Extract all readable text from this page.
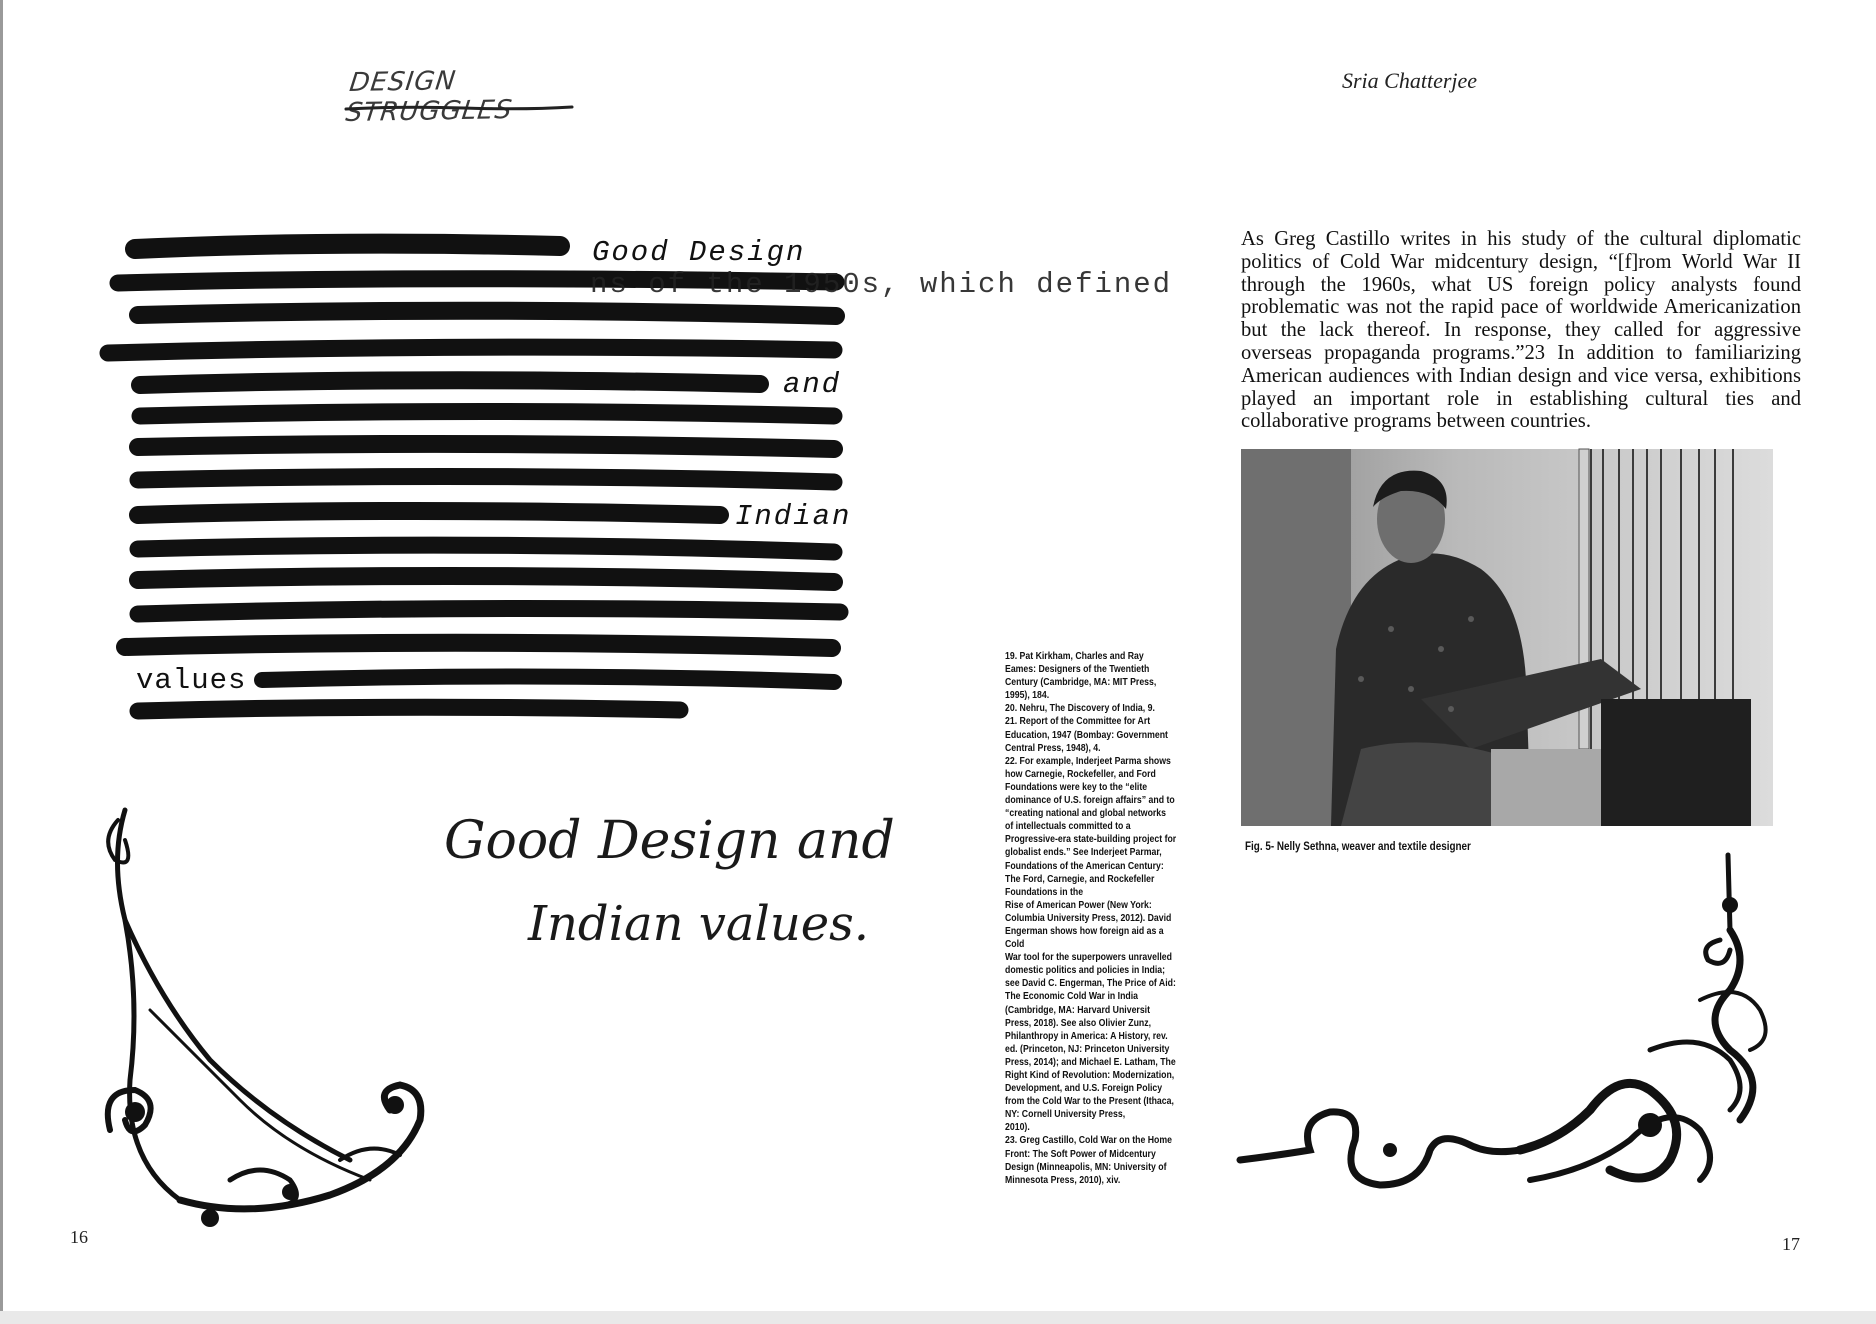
DESIGN STRUGGLES
ns of the 1950s, which defined
Good Design
and
Indian
values
Good Design and
Indian values.
16
19. Pat Kirkham, Charles and Ray Eames: Designers of the Twentieth Century (Cambridge, MA: MIT Press, 1995), 184.
20. Nehru, The Discovery of India, 9.
21. Report of the Committee for Art Education, 1947 (Bombay: Government Central Press, 1948), 4.
22. For example, Inderjeet Parma shows how Carnegie, Rockefeller, and Ford Foundations were key to the “elite dominance of U.S. foreign affairs” and to “creating national and global networks of intellectuals committed to a
Progressive-era state-building project for globalist ends.” See Inderjeet Parmar, Foundations of the American Century: The Ford, Carnegie, and Rockefeller Foundations in the
Rise of American Power (New York: Columbia University Press, 2012). David Engerman shows how foreign aid as a Cold
War tool for the superpowers unravelled domestic politics and policies in India; see David C. Engerman, The Price of Aid: The Economic Cold War in India (Cambridge, MA: Harvard Universit Press, 2018). See also Olivier Zunz, Philanthropy in America: A History, rev.
ed. (Princeton, NJ: Princeton University Press, 2014); and Michael E. Latham, The Right Kind of Revolution: Modernization, Development, and U.S. Foreign Policy from the Cold War to the Present (Ithaca, NY: Cornell University Press,
2010).
23. Greg Castillo, Cold War on the Home Front: The Soft Power of Midcentury Design (Minneapolis, MN: University of
Minnesota Press, 2010), xiv.
Sria Chatterjee

As Greg Castillo writes in his study of the cultural diplomatic politics of Cold War midcentury design, “[f]rom World War II through the 1960s, what US foreign policy analysts found problematic was not the rapid pace of worldwide Americanization but the lack thereof. In response, they called for aggressive overseas propaganda programs.”23 In addition to familiarizing American audiences with Indian design and vice versa, exhibitions played an important role in establishing cultural ties and collaborative programs between countries.

Fig. 5- Nelly Sethna, weaver and textile designer
17
